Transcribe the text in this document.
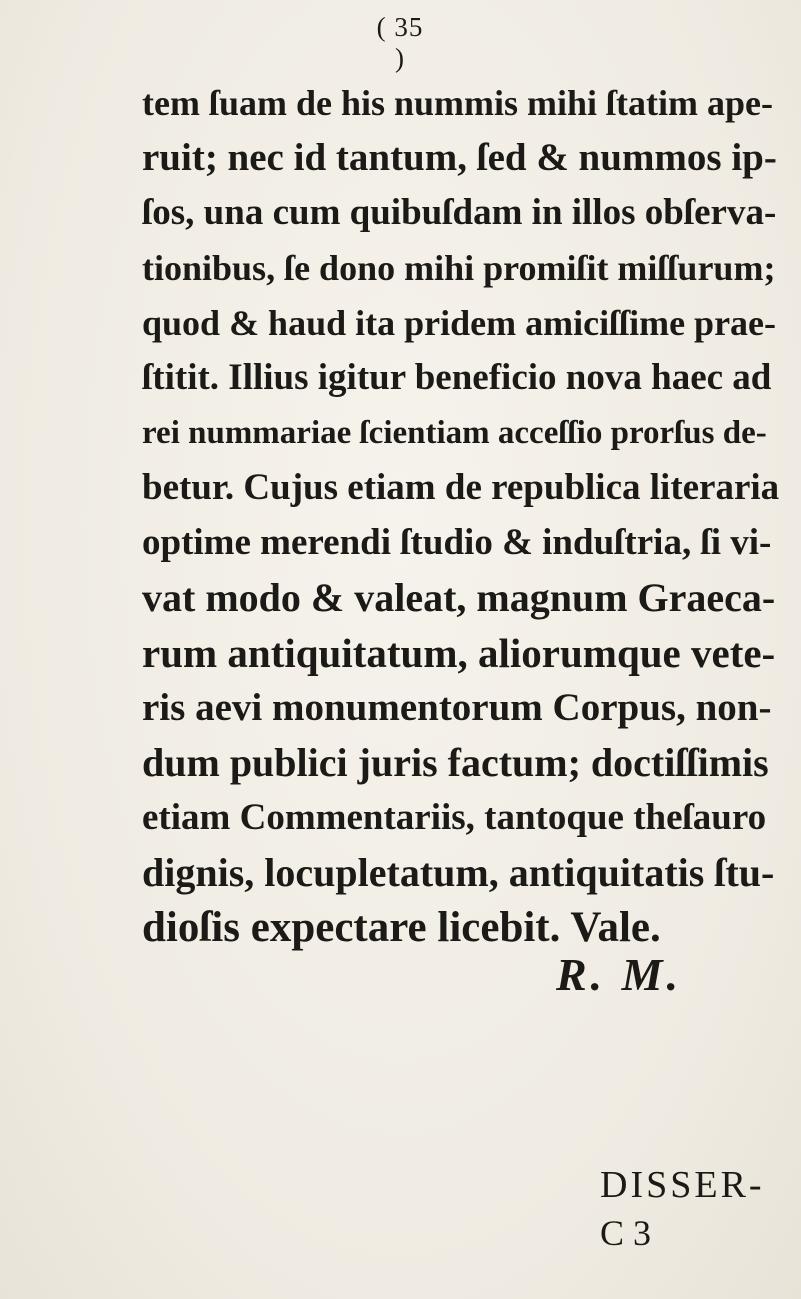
( 35 )
tem ſuam de his nummis mihi ſtatim ape-
ruit; nec id tantum, ſed & nummos ip-
ſos, una cum quibuſdam in illos obſerva-
tionibus, ſe dono mihi promiſit miſſurum;
quod & haud ita pridem amiciſſime prae-
ſtitit. Illius igitur beneficio nova haec ad
rei nummariae ſcientiam acceſſio prorſus de-
betur. Cujus etiam de republica literaria
optime merendi ſtudio & induſtria, ſi vi-
vat modo & valeat, magnum Graeca-
rum antiquitatum, aliorumque vete-
ris aevi monumentorum Corpus, non-
dum publici juris factum; doctiſſimis
etiam Commentariis, tantoque theſauro
dignis, locupletatum, antiquitatis ſtu-
dioſis expectare licebit. Vale.
R. M.
DISSER-
C 3
